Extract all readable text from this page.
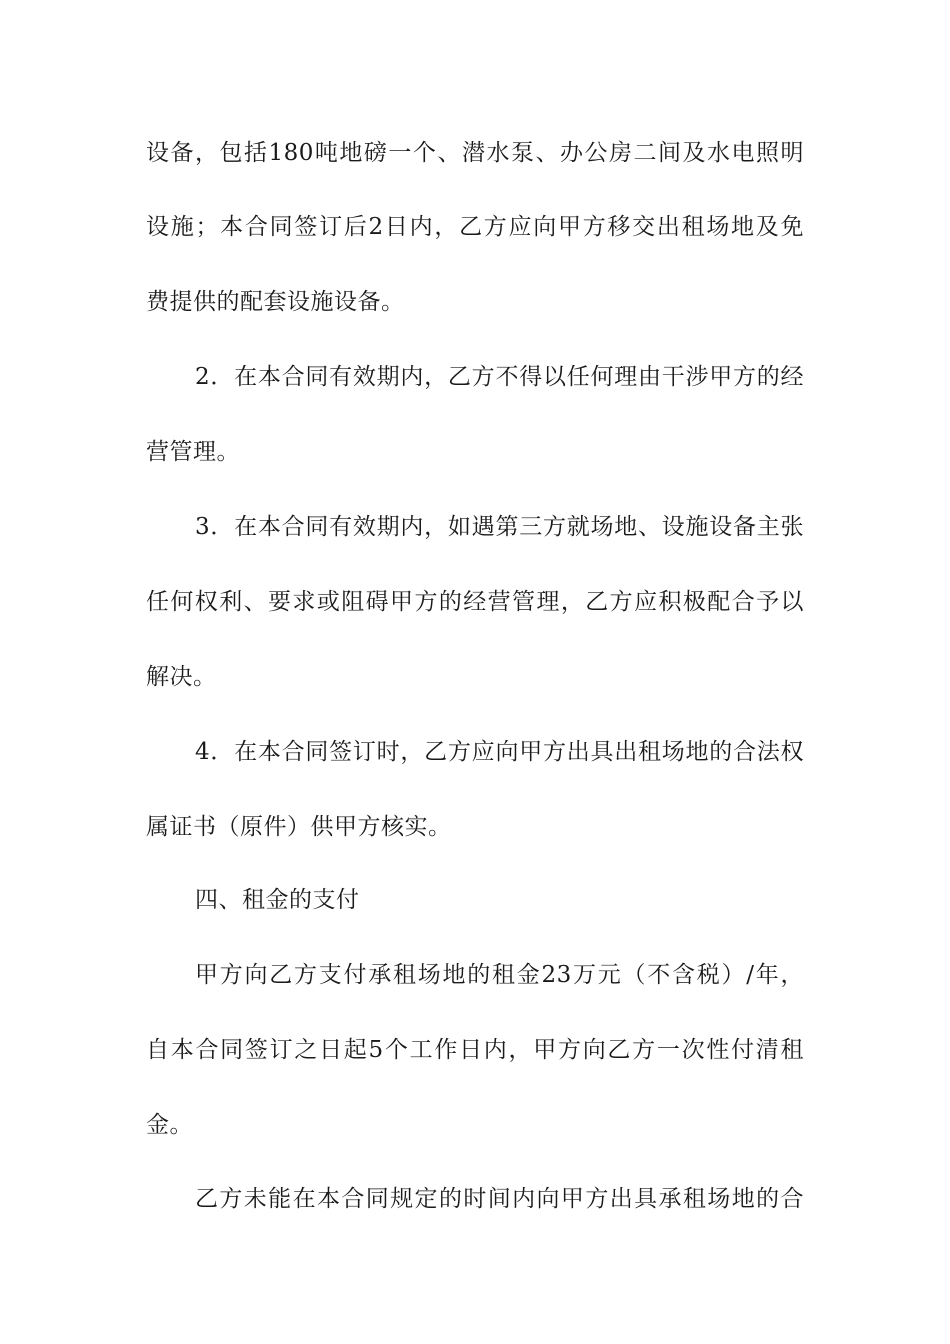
设备，包括180吨地磅一个、潜水泵、办公房二间及水电照明
设施；本合同签订后2日内，乙方应向甲方移交出租场地及免
费提供的配套设施设备。
2．在本合同有效期内，乙方不得以任何理由干涉甲方的经
营管理。
3．在本合同有效期内，如遇第三方就场地、设施设备主张
任何权利、要求或阻碍甲方的经营管理，乙方应积极配合予以
解决。
4．在本合同签订时，乙方应向甲方出具出租场地的合法权
属证书（原件）供甲方核实。
四、租金的支付
甲方向乙方支付承租场地的租金23万元（不含税）/年，
自本合同签订之日起5个工作日内，甲方向乙方一次性付清租
金。
乙方未能在本合同规定的时间内向甲方出具承租场地的合
